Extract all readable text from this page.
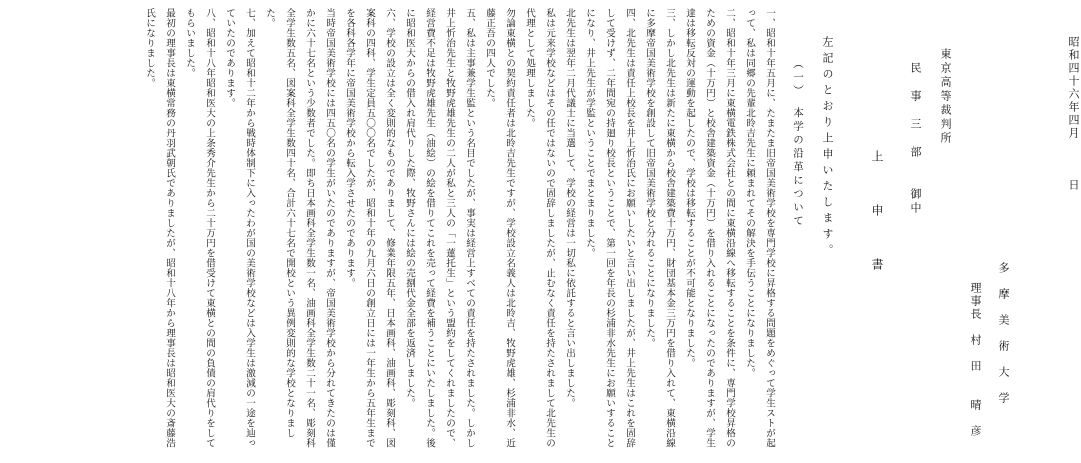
昭和四十六年四月　　　日
多　摩　美　術　大　学
理事長　村　田　　晴　彦
東京高等裁判所
民　事　三　部　　御中
上　　申　　書
左記のとおり上申いたします。
（一）　本学の沿革について

一、昭和十年五月に、たまたま旧帝国美術学校を専門学校に昇格する問題をめぐって学生ストが起って、私は同郷の先輩北昤吉先生に頼まれてその解決を手伝うことになりました。

二、昭和十年三月に東横電鉄株式会社との間に東横沿線へ移転することを条件に、専門学校昇格のための資金（十万円）と校舎建築資金（十万円）を借り入れることになったのでありますが、学生達は移転反対の運動を起したので、学校は移転することが不可能となりました。

三、しかし北先生は新たに東横から校舎建築費十万円、財団基本金三万円を借り入れて、東横沿線に多摩帝国美術学校を創設して旧帝国美術学校と分れることになりました。

四、北先生は責任上校長を井上忻治氏にお願いしたいと言い出しましたが、井上先生はこれを固辞して受けず、二年間宛の持廻り校長ということで、第一回を年長の杉浦非水先生にお願いすることになり、井上先生が学監ということでまとまりました。

北先生は翌年二月代議士に当選して、学校の経営は一切私に依託すると言い出しました。

私は元来学校などはその任ではないので固辞しましたが、止むなく責任を持たされまして北先生の代理として処理しました。

勿論東横との契約責任者は北昤吉先生ですが、学校設立名義人は北昤吉、牧野虎雄、杉浦非水、近藤正吾の四人でした。

五、私は主事兼学生監という名目でしたが、事実は経営上すべての責任を持たされました。しかし井上忻治先生と牧野虎雄先生の二人が私と三人の「一蓮托生」という盟約をしてくれましたので、経営費不足は牧野虎雄先生（油絵）の絵を借りてこれを売って経費を補うことにいたしました。後に昭和医大からの借入れ肩代りした際、牧野さんには絵の売捌代金全部を返済しました。

六、学校の設立は全く変則的なものでありまして、修業年限五年、日本画科、油画科、彫刻科、図案科の四科、学生定員五〇〇名でしたが、昭和十年の九月六日の創立日には一年生から五年生までを各科各学年に帝国美術学校から転入学させたのであります。

当時帝国美術学校には四五〇名の学生がいたのでありますが、帝国美術学校から分れてきたのは僅かに六十七名という少数者でした。即ち日本画科全学生数一名、油画科全学生数二十一名、彫刻科全学生数五名、図案科全学生数四十名、合計六十七名で開校という異例変則的な学校となりました。

七、加えて昭和十二年から戦時体制下に入ったわが国の美術学校などは入学生は激減の一途を辿っていたのであります。

八、昭和十八年昭和医大の上条秀介先生から二十万円を借受けて東横との間の負債の肩代りをしてもらいました。

最初の理事長は東横常務の丹羽武朝氏でありましたが、昭和十八年から理事長は昭和医大の斎藤浩氏になりました。
